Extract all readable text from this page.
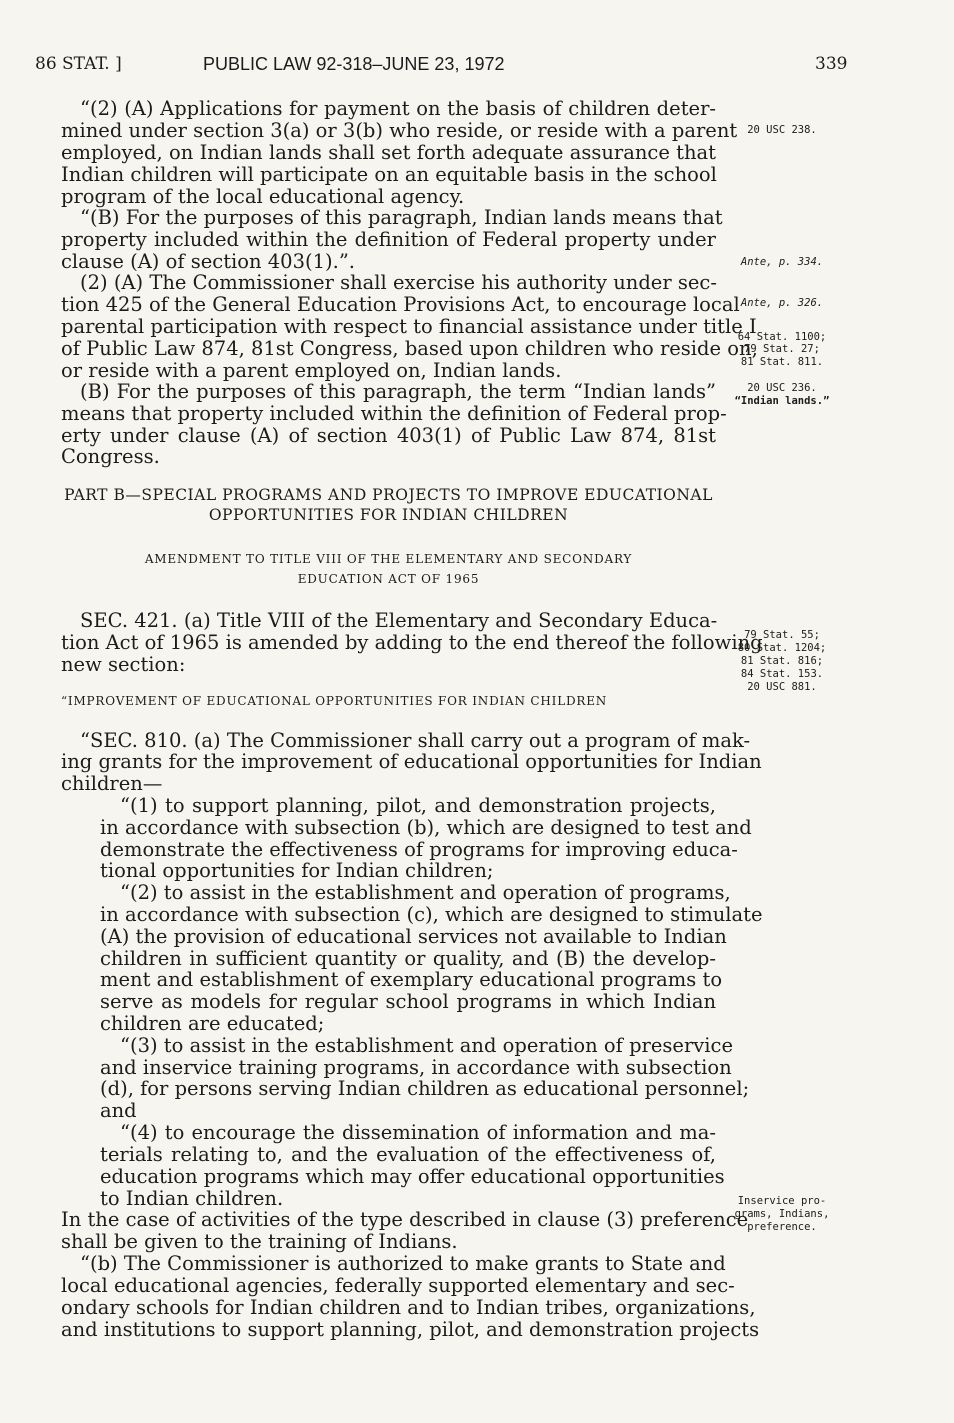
86 STAT. ]	PUBLIC LAW 92-318–JUNE 23, 1972	339
“(2) (A) Applications for payment on the basis of children deter-
mined under section 3(a) or 3(b) who reside, or reside with a parent
employed, on Indian lands shall set forth adequate assurance that
Indian children will participate on an equitable basis in the school
program of the local educational agency.
“(B) For the purposes of this paragraph, Indian lands means that
property included within the definition of Federal property under
clause (A) of section 403(1).”.
(2) (A) The Commissioner shall exercise his authority under sec-
tion 425 of the General Education Provisions Act, to encourage local
parental participation with respect to financial assistance under title I
of Public Law 874, 81st Congress, based upon children who reside on,
or reside with a parent employed on, Indian lands.
(B) For the purposes of this paragraph, the term “Indian lands”
means that property included within the definition of Federal prop-
erty under clause (A) of section 403(1) of Public Law 874, 81st
Congress.
PART B—SPECIAL PROGRAMS AND PROJECTS TO IMPROVE EDUCATIONAL
OPPORTUNITIES FOR INDIAN CHILDREN
AMENDMENT TO TITLE VIII OF THE ELEMENTARY AND SECONDARY
EDUCATION ACT OF 1965
SEC. 421. (a) Title VIII of the Elementary and Secondary Educa-
tion Act of 1965 is amended by adding to the end thereof the following
new section:
“IMPROVEMENT OF EDUCATIONAL OPPORTUNITIES FOR INDIAN CHILDREN
“SEC. 810. (a) The Commissioner shall carry out a program of mak-
ing grants for the improvement of educational opportunities for Indian
children—
“(1) to support planning, pilot, and demonstration projects,
in accordance with subsection (b), which are designed to test and
demonstrate the effectiveness of programs for improving educa-
tional opportunities for Indian children;
“(2) to assist in the establishment and operation of programs,
in accordance with subsection (c), which are designed to stimulate
(A) the provision of educational services not available to Indian
children in sufficient quantity or quality, and (B) the develop-
ment and establishment of exemplary educational programs to
serve as models for regular school programs in which Indian
children are educated;
“(3) to assist in the establishment and operation of preservice
and inservice training programs, in accordance with subsection
(d), for persons serving Indian children as educational personnel;
and
“(4) to encourage the dissemination of information and ma-
terials relating to, and the evaluation of the effectiveness of,
education programs which may offer educational opportunities
to Indian children.
In the case of activities of the type described in clause (3) preference
shall be given to the training of Indians.
“(b) The Commissioner is authorized to make grants to State and
local educational agencies, federally supported elementary and sec-
ondary schools for Indian children and to Indian tribes, organizations,
and institutions to support planning, pilot, and demonstration projects
20 USC 238.
Ante, p. 334.
Ante, p. 326.
64 Stat. 1100;
79 Stat. 27;
81 Stat. 811.
20 USC 236.
“Indian lands.”
79 Stat. 55;
80 Stat. 1204;
81 Stat. 816;
84 Stat. 153.
20 USC 881.
Inservice pro-
grams, Indians,
preference.
